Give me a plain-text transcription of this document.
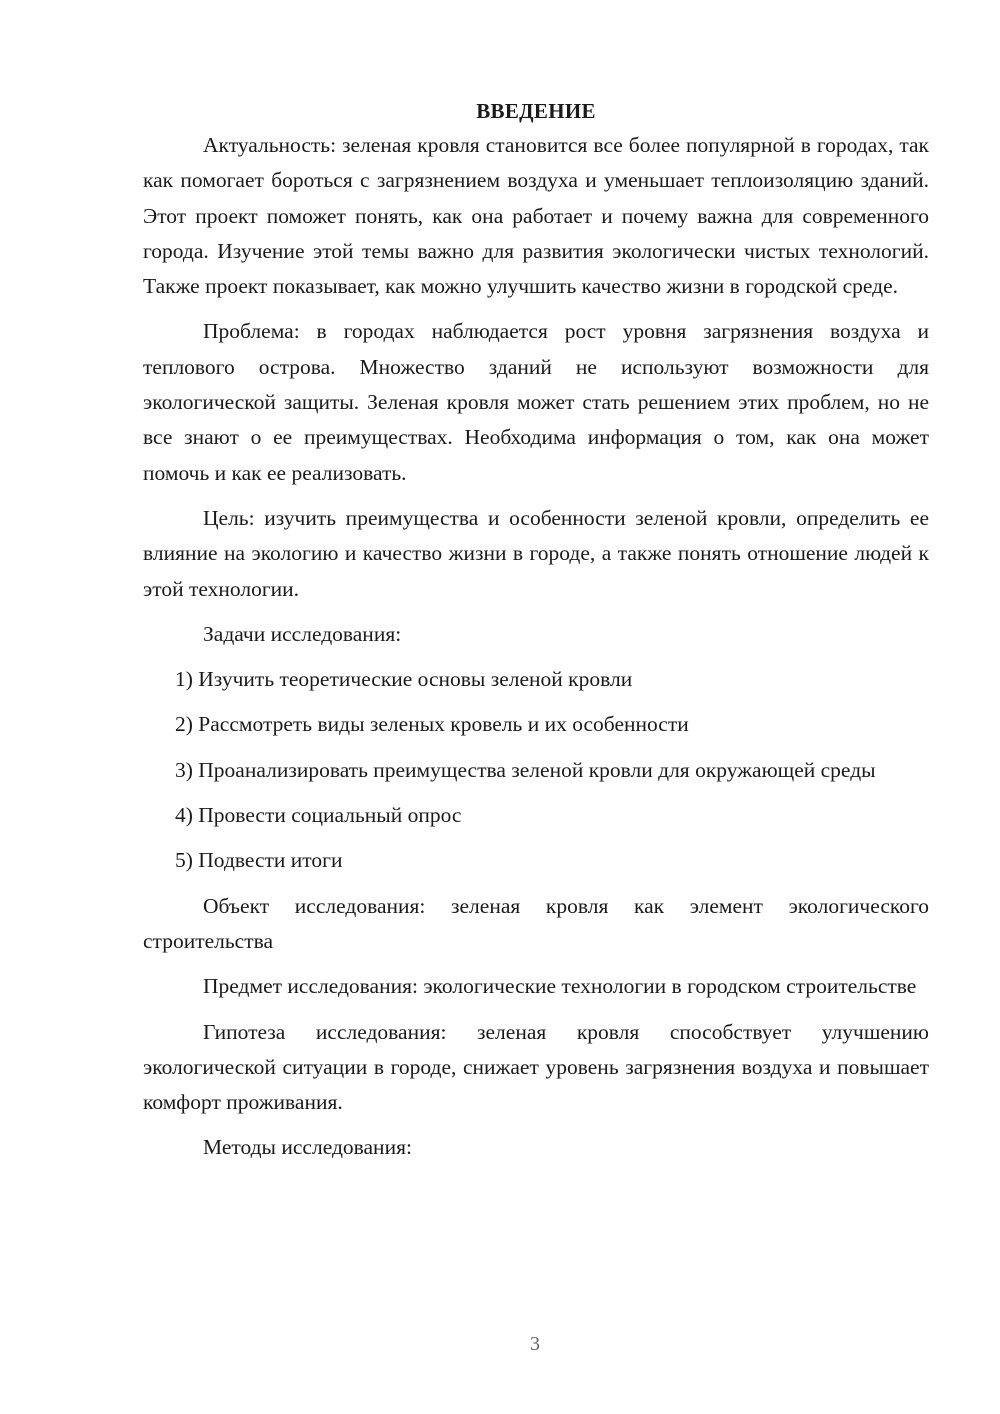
ВВЕДЕНИЕ

Актуальность: зеленая кровля становится все более популярной в городах, так как помогает бороться с загрязнением воздуха и уменьшает теплоизоляцию зданий. Этот проект поможет понять, как она работает и почему важна для современного города. Изучение этой темы важно для развития экологически чистых технологий. Также проект показывает, как можно улучшить качество жизни в городской среде.

Проблема: в городах наблюдается рост уровня загрязнения воздуха и теплового острова. Множество зданий не используют возможности для экологической защиты. Зеленая кровля может стать решением этих проблем, но не все знают о ее преимуществах. Необходима информация о том, как она может помочь и как ее реализовать.

Цель: изучить преимущества и особенности зеленой кровли, определить ее влияние на экологию и качество жизни в городе, а также понять отношение людей к этой технологии.

Задачи исследования:

1) Изучить теоретические основы зеленой кровли

2) Рассмотреть виды зеленых кровель и их особенности

3) Проанализировать преимущества зеленой кровли для окружающей среды

4) Провести социальный опрос

5) Подвести итоги

Объект исследования: зеленая кровля как элемент экологического строительства

Предмет исследования: экологические технологии в городском строительстве

Гипотеза исследования: зеленая кровля способствует улучшению экологической ситуации в городе, снижает уровень загрязнения воздуха и повышает комфорт проживания.

Методы исследования:

3
